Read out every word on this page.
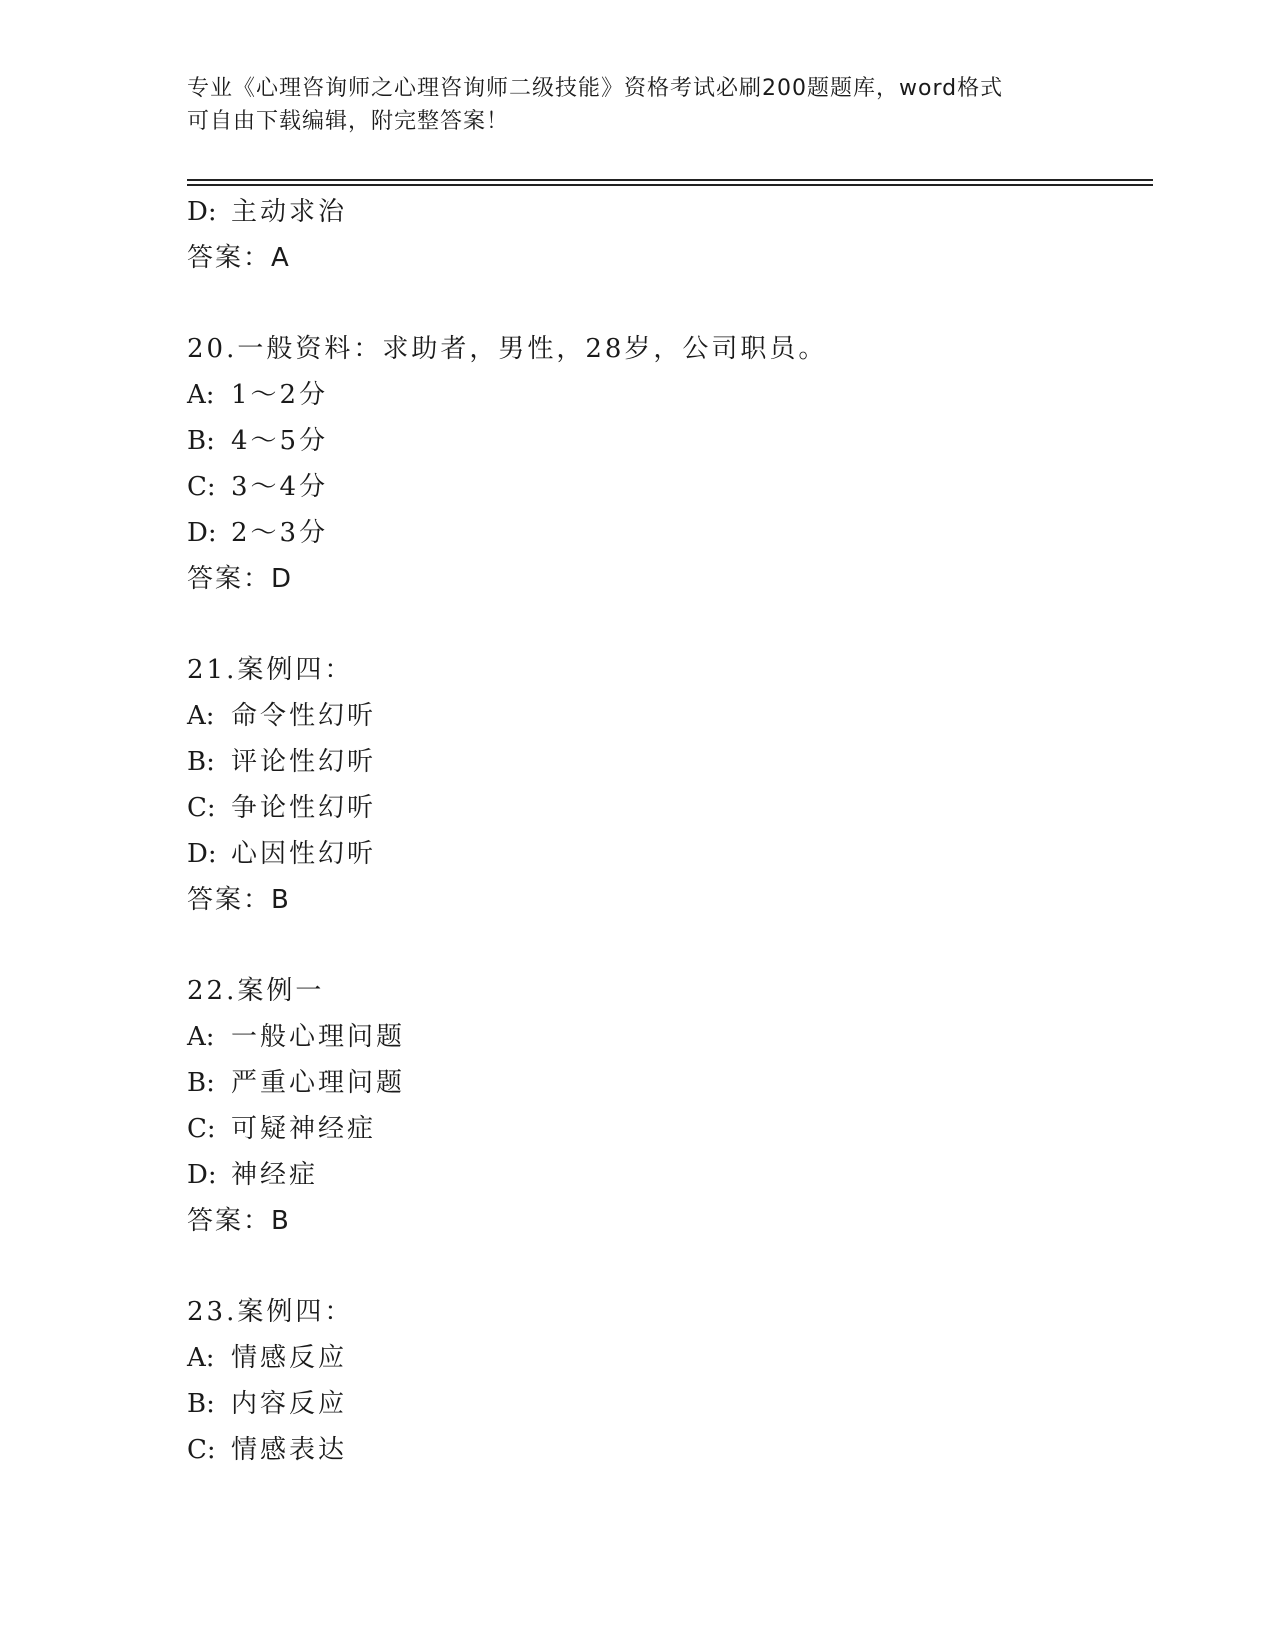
专业《心理咨询师之心理咨询师二级技能》资格考试必刷200题题库，word格式
可自由下载编辑，附完整答案！
D: 主动求治
答案：A
20.一般资料：求助者，男性，28岁，公司职员。
A: 1～2分
B: 4～5分
C: 3～4分
D: 2～3分
答案：D
21.案例四：
A: 命令性幻听
B: 评论性幻听
C: 争论性幻听
D: 心因性幻听
答案：B
22.案例一
A: 一般心理问题
B: 严重心理问题
C: 可疑神经症
D: 神经症
答案：B
23.案例四：
A: 情感反应
B: 内容反应
C: 情感表达
